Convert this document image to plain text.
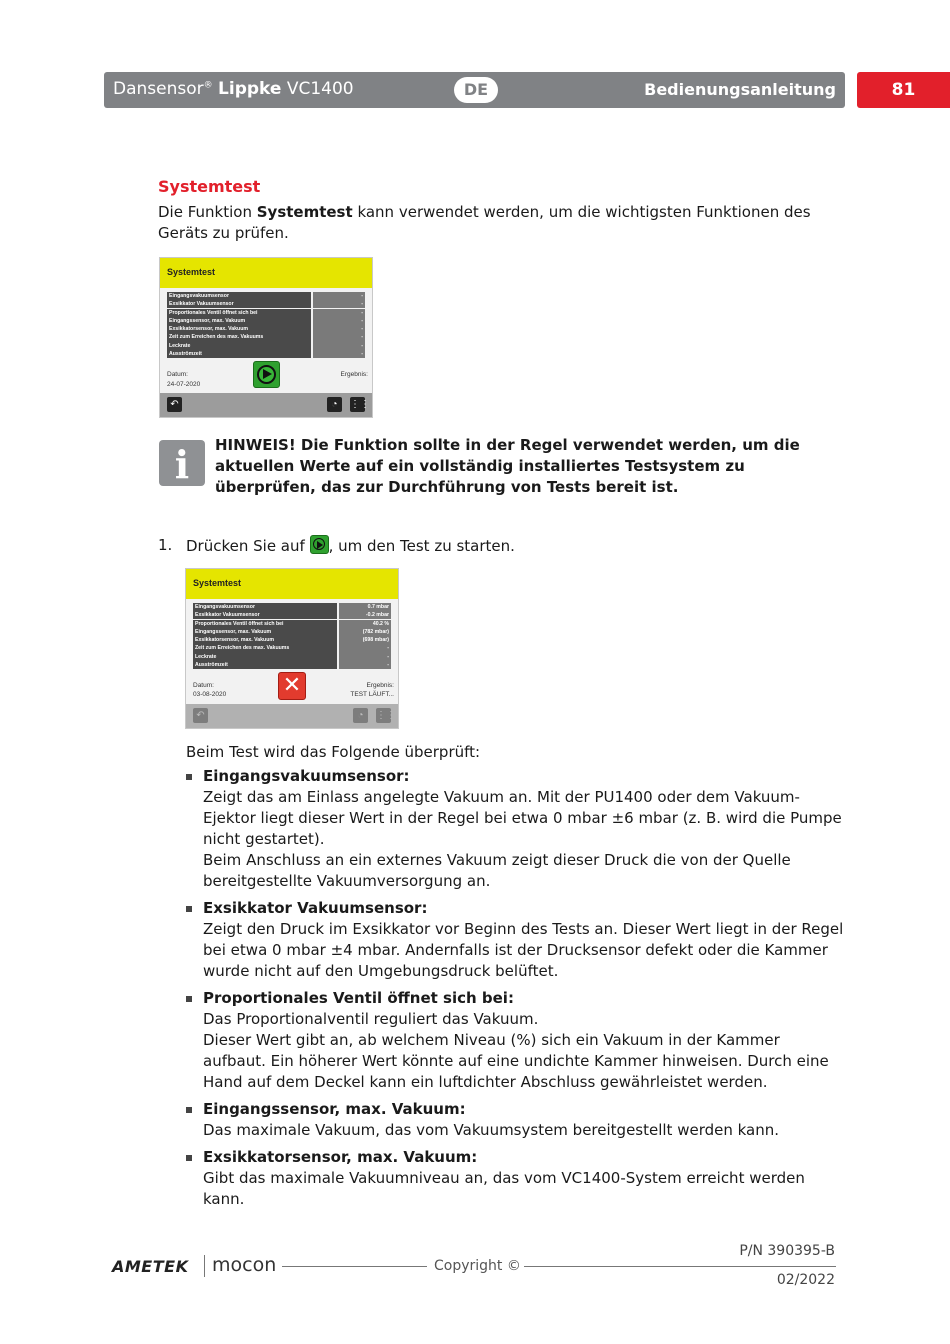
Dansensor® Lippke VC1400	DE	Bedienungsanleitung	81
Systemtest
Die Funktion Systemtest kann verwendet werden, um die wichtigsten Funktionen des Geräts zu prüfen.
Systemtest
Eingangsvakuumsensor	-
Exsikkator Vakuumsensor	-
Proportionales Ventil öffnet sich bei	-
Eingangssensor, max. Vakuum	-
Exsikkatorsensor, max. Vakuum	-
Zeit zum Erreichen des max. Vakuums	-
Leckrate	-
Ausströmzeit	-
Datum:
24-07-2020
Ergebnis:
↶	◔	⋮⋮
i	HINWEIS! Die Funktion sollte in der Regel verwendet werden, um die aktuellen Werte auf ein vollständig installiertes Testsystem zu überprüfen, das zur Durchführung von Tests bereit ist.
1. Drücken Sie auf
, um den Test zu starten.
Systemtest
Eingangsvakuumsensor	0.7 mbar
Exsikkator Vakuumsensor	-0.2 mbar
Proportionales Ventil öffnet sich bei	40.2 %
Eingangssensor, max. Vakuum	(782 mbar)
Exsikkatorsensor, max. Vakuum	(698 mbar)
Zeit zum Erreichen des max. Vakuums	-
Leckrate	-
Ausströmzeit	-
Datum:
03-08-2020	✕	Ergebnis:
TEST LÄUFT...
↶	◔	⋮⋮
Beim Test wird das Folgende überprüft:
Eingangsvakuumsensor:
Zeigt das am Einlass angelegte Vakuum an. Mit der PU1400 oder dem Vakuum-Ejektor liegt dieser Wert in der Regel bei etwa 0 mbar ±6 mbar (z. B. wird die Pumpe nicht gestartet).
Beim Anschluss an ein externes Vakuum zeigt dieser Druck die von der Quelle bereitgestellte Vakuumversorgung an.
Exsikkator Vakuumsensor:
Zeigt den Druck im Exsikkator vor Beginn des Tests an. Dieser Wert liegt in der Regel bei etwa 0 mbar ±4 mbar. Andernfalls ist der Drucksensor defekt oder die Kammer wurde nicht auf den Umgebungsdruck belüftet.
Proportionales Ventil öffnet sich bei:
Das Proportionalventil reguliert das Vakuum.
Dieser Wert gibt an, ab welchem Niveau (%) sich ein Vakuum in der Kammer aufbaut. Ein höherer Wert könnte auf eine undichte Kammer hinweisen. Durch eine Hand auf dem Deckel kann ein luftdichter Abschluss gewährleistet werden.
Eingangssensor, max. Vakuum:
Das maximale Vakuum, das vom Vakuumsystem bereitgestellt werden kann.
Exsikkatorsensor, max. Vakuum:
Gibt das maximale Vakuumniveau an, das vom VC1400-System erreicht werden kann.
AMETEK mocon	Copyright ©
P/N 390395-B
02/2022
